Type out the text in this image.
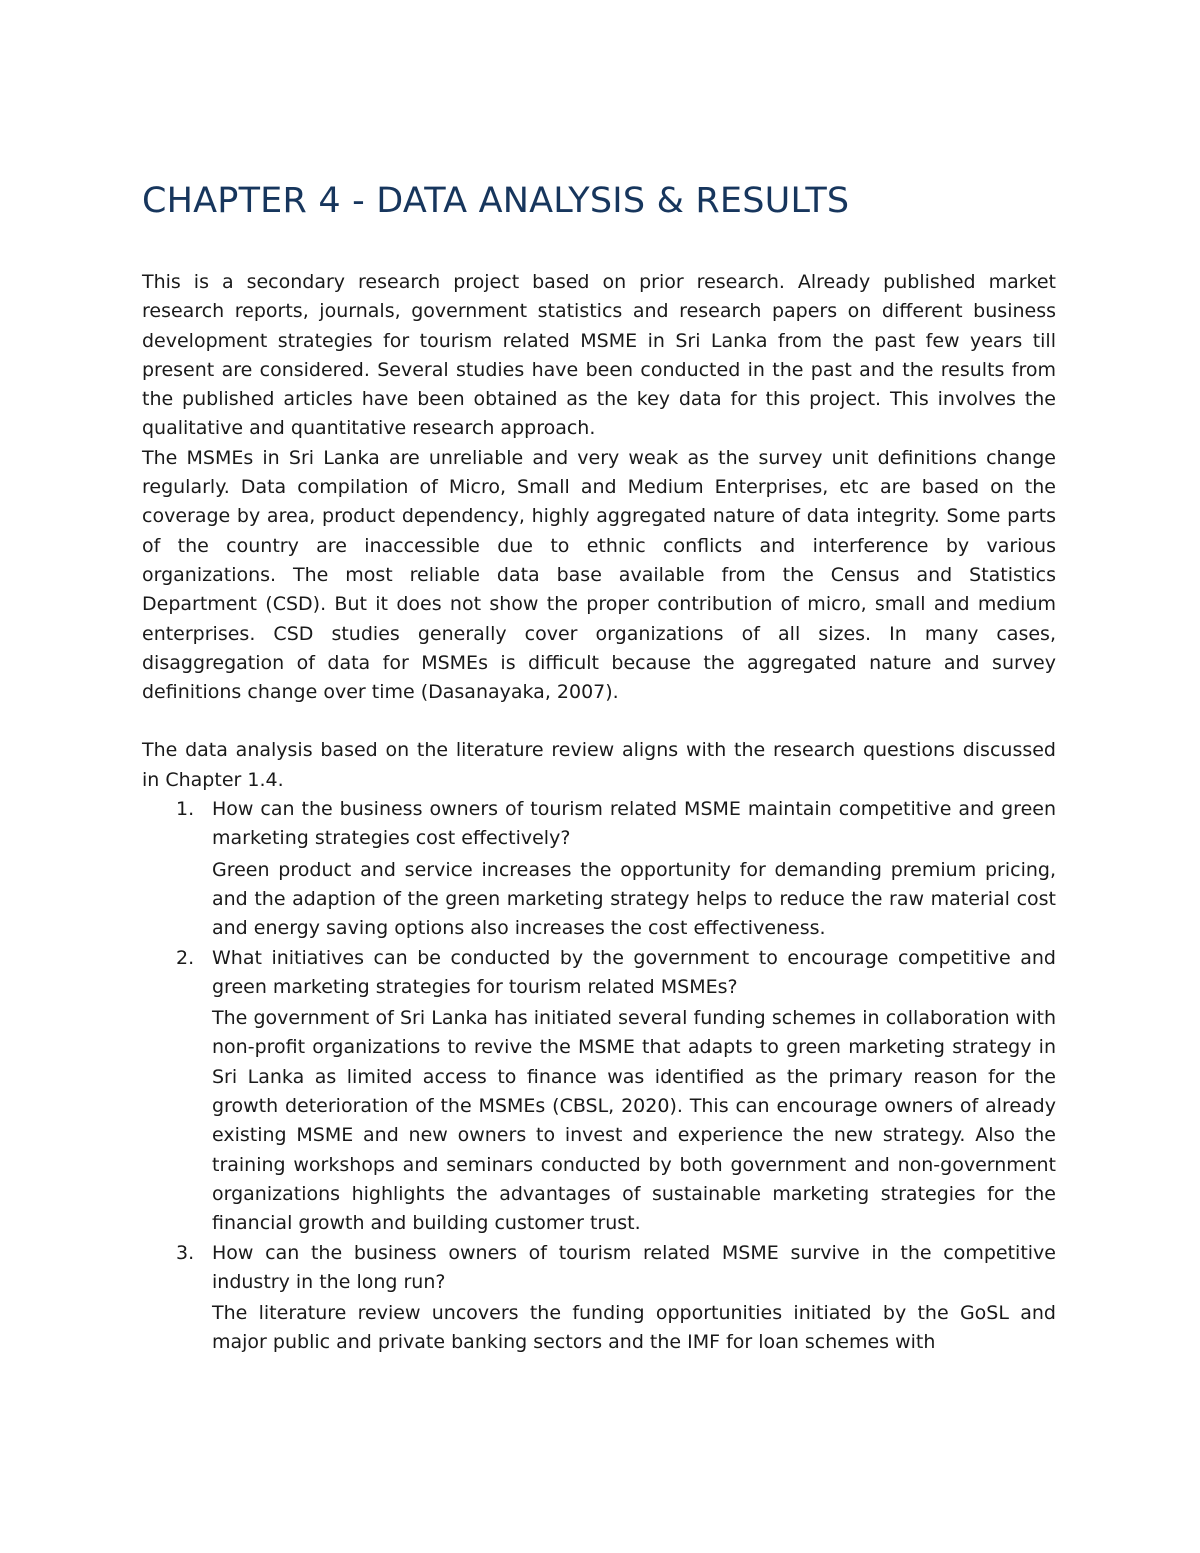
CHAPTER 4 - DATA ANALYSIS & RESULTS

This is a secondary research project based on prior research. Already published market research reports, journals, government statistics and research papers on different business development strategies for tourism related MSME in Sri Lanka from the past few years till present are considered. Several studies have been conducted in the past and the results from the published articles have been obtained as the key data for this project. This involves the qualitative and quantitative research approach.

The MSMEs in Sri Lanka are unreliable and very weak as the survey unit definitions change regularly. Data compilation of Micro, Small and Medium Enterprises, etc are based on the coverage by area, product dependency, highly aggregated nature of data integrity. Some parts of the country are inaccessible due to ethnic conflicts and interference by various organizations. The most reliable data base available from the Census and Statistics Department (CSD). But it does not show the proper contribution of micro, small and medium enterprises. CSD studies generally cover organizations of all sizes. In many cases, disaggregation of data for MSMEs is difficult because the aggregated nature and survey definitions change over time (Dasanayaka, 2007).

The data analysis based on the literature review aligns with the research questions discussed in Chapter 1.4.

1. How can the business owners of tourism related MSME maintain competitive and green marketing strategies cost effectively?

Green product and service increases the opportunity for demanding premium pricing, and the adaption of the green marketing strategy helps to reduce the raw material cost and energy saving options also increases the cost effectiveness.

2. What initiatives can be conducted by the government to encourage competitive and green marketing strategies for tourism related MSMEs?

The government of Sri Lanka has initiated several funding schemes in collaboration with non-profit organizations to revive the MSME that adapts to green marketing strategy in Sri Lanka as limited access to finance was identified as the primary reason for the growth deterioration of the MSMEs (CBSL, 2020). This can encourage owners of already existing MSME and new owners to invest and experience the new strategy. Also the training workshops and seminars conducted by both government and non-government organizations highlights the advantages of sustainable marketing strategies for the financial growth and building customer trust.

3. How can the business owners of tourism related MSME survive in the competitive industry in the long run?

The literature review uncovers the funding opportunities initiated by the GoSL and major public and private banking sectors and the IMF for loan schemes with
